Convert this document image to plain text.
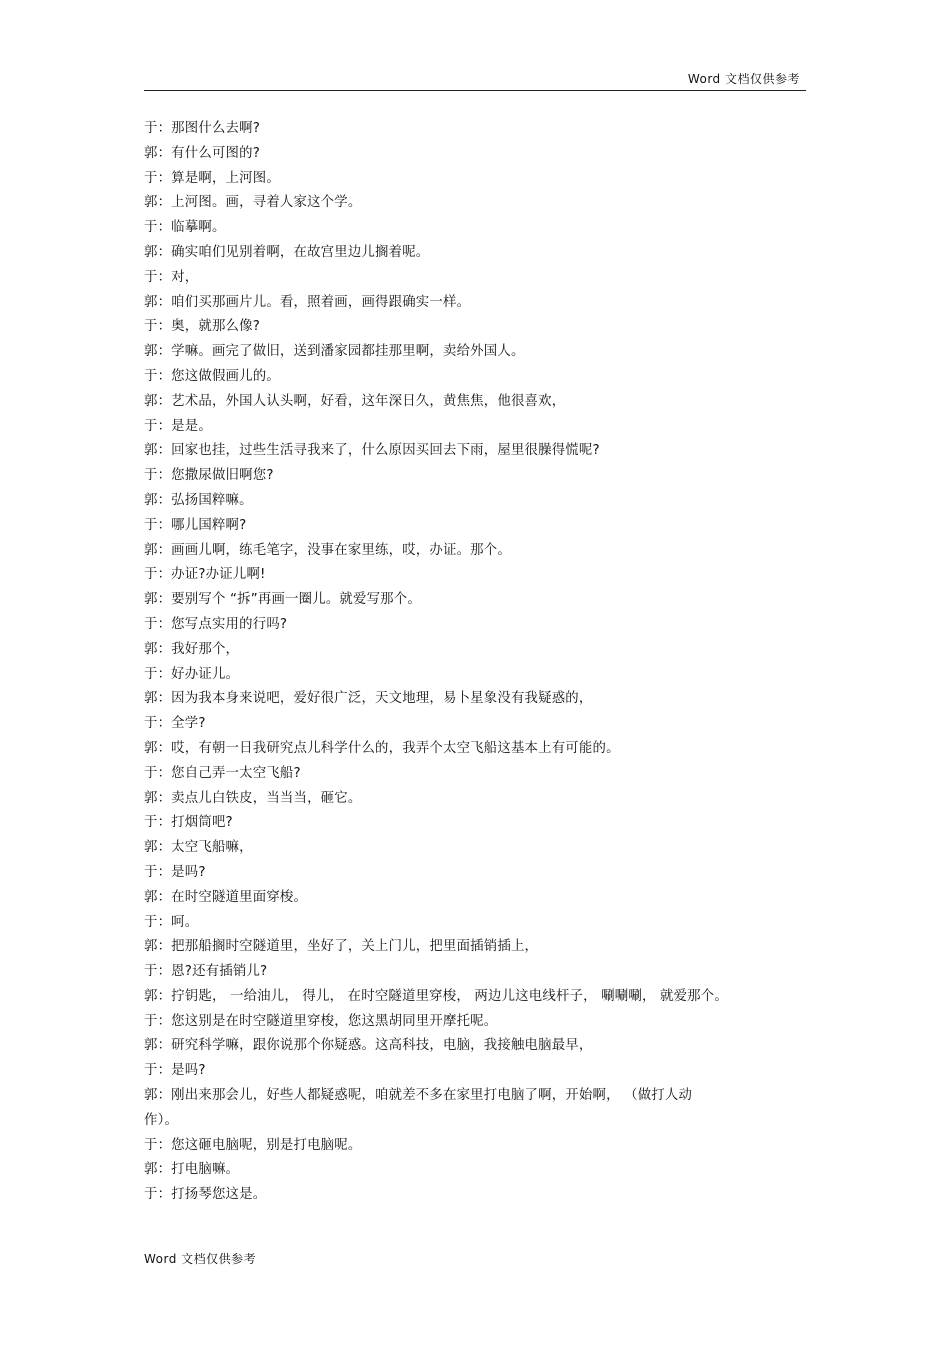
Word 文档仅供参考
于：那图什么去啊?
郭：有什么可图的?
于：算是啊，上河图。
郭：上河图。画，寻着人家这个学。
于：临摹啊。
郭：确实咱们见别着啊，在故宫里边儿搁着呢。
于：对，
郭：咱们买那画片儿。看，照着画，画得跟确实一样。
于：奥，就那么像?
郭：学嘛。画完了做旧，送到潘家园都挂那里啊，卖给外国人。
于：您这做假画儿的。
郭：艺术品，外国人认头啊，好看，这年深日久，黄焦焦，他很喜欢，
于：是是。
郭：回家也挂，过些生活寻我来了，什么原因买回去下雨，屋里很臊得慌呢?
于：您撒尿做旧啊您?
郭：弘扬国粹嘛。
于：哪儿国粹啊?
郭：画画儿啊，练毛笔字，没事在家里练，哎，办证。那个。
于：办证?办证儿啊!
郭：要别写个 “拆”再画一圈儿。就爱写那个。
于：您写点实用的行吗?
郭：我好那个，
于：好办证儿。
郭：因为我本身来说吧，爱好很广泛，天文地理，易卜星象没有我疑惑的，
于：全学?
郭：哎，有朝一日我研究点儿科学什么的，我弄个太空飞船这基本上有可能的。
于：您自己弄一太空飞船?
郭：卖点儿白铁皮，当当当，砸它。
于：打烟筒吧?
郭：太空飞船嘛，
于：是吗?
郭：在时空隧道里面穿梭。
于：呵。
郭：把那船搁时空隧道里，坐好了，关上门儿，把里面插销插上，
于：恩?还有插销儿?
郭：拧钥匙， 一给油儿， 得儿， 在时空隧道里穿梭， 两边儿这电线杆子， 唰唰唰， 就爱那个。
于：您这别是在时空隧道里穿梭，您这黑胡同里开摩托呢。
郭：研究科学嘛，跟你说那个你疑惑。这高科技，电脑，我接触电脑最早，
于：是吗?
郭：刚出来那会儿，好些人都疑惑呢，咱就差不多在家里打电脑了啊，开始啊， （做打人动
作）。
于：您这砸电脑呢，别是打电脑呢。
郭：打电脑嘛。
于：打扬琴您这是。
Word 文档仅供参考
